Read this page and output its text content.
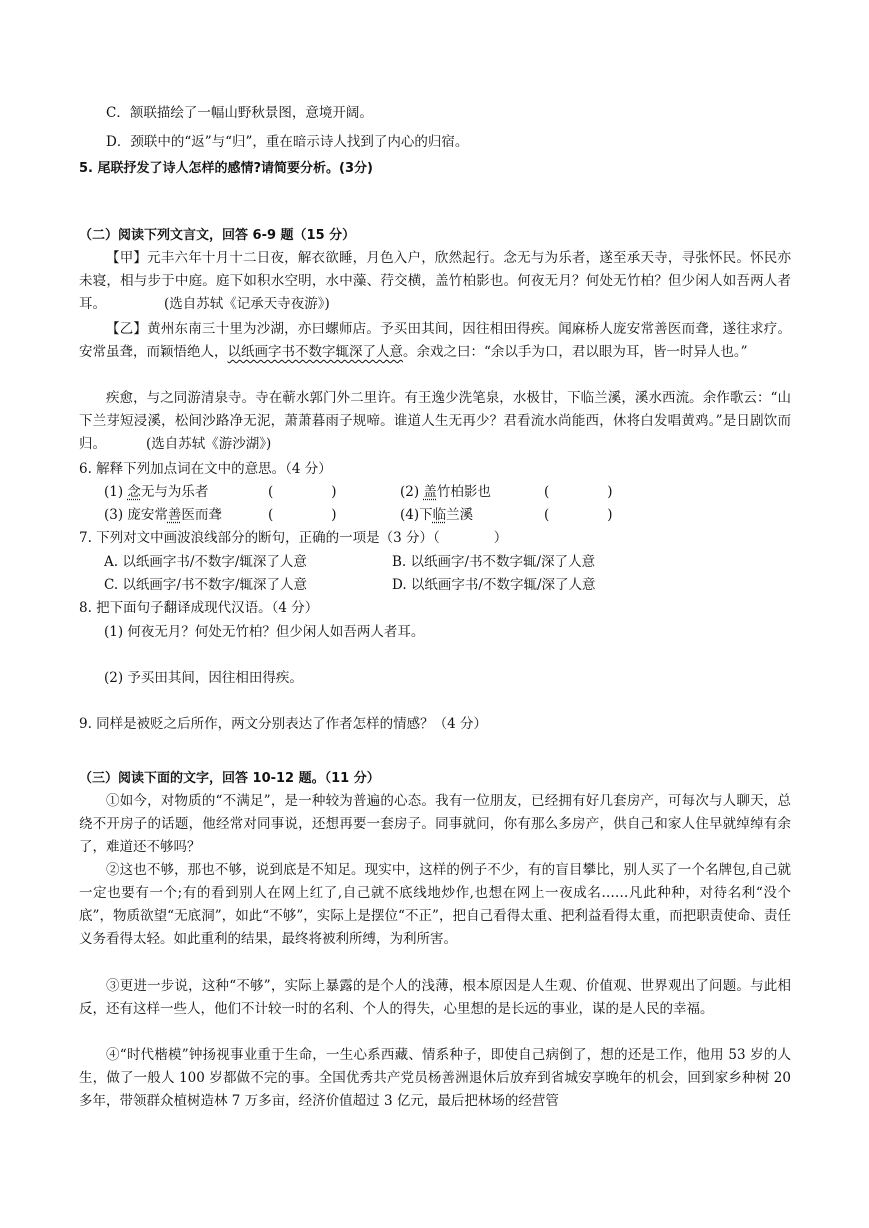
C．颔联描绘了一幅山野秋景图，意境开阔。
D．颈联中的“返”与“归”，重在暗示诗人找到了内心的归宿。
5. 尾联抒发了诗人怎样的感情?请简要分析。(3分)
（二）阅读下列文言文，回答 6-9 题（15 分）
【甲】元丰六年十月十二日夜，解衣欲睡，月色入户，欣然起行。念无与为乐者，遂至承天寺，寻张怀民。怀民亦未寝，相与步于中庭。庭下如积水空明，水中藻、荇交横，盖竹柏影也。何夜无月？何处无竹柏？但少闲人如吾两人者耳。	(选自苏轼《记承天寺夜游》)
【乙】黄州东南三十里为沙湖，亦曰螺师店。予买田其间，因往相田得疾。闻麻桥人庞安常善医而聋，遂往求疗。安常虽聋，而颖悟绝人，以纸画字书不数字辄深了人意。余戏之曰：“余以手为口，君以眼为耳，皆一时异人也。”
疾愈，与之同游清泉寺。寺在蕲水郭门外二里许。有王逸少洗笔泉，水极甘，下临兰溪，溪水西流。余作歌云：“山下兰芽短浸溪，松间沙路净无泥，萧萧暮雨子规啼。谁道人生无再少？君看流水尚能西，休将白发唱黄鸡。”是日剧饮而归。	(选自苏轼《游沙湖》)
6. 解释下列加点词在文中的意思。（4 分）
(1) 念无与为乐者	(	)	(2) 盖竹柏影也	(	)
(3) 庞安常善医而聋	(	)	(4)下临兰溪	(	)
7. 下列对文中画波浪线部分的断句，正确的一项是（3 分）（　　　　）
A. 以纸画字书/不数字/辄深了人意	B. 以纸画字/书不数字辄/深了人意
C. 以纸画字/书不数字/辄深了人意	D. 以纸画字书/不数字辄/深了人意
8. 把下面句子翻译成现代汉语。（4 分）
(1) 何夜无月？何处无竹柏？但少闲人如吾两人者耳。
(2) 予买田其间，因往相田得疾。
9. 同样是被贬之后所作，两文分别表达了作者怎样的情感？（4 分）
（三）阅读下面的文字，回答 10-12 题。（11 分）
①如今，对物质的“不满足”，是一种较为普遍的心态。我有一位朋友，已经拥有好几套房产，可每次与人聊天，总绕不开房子的话题，他经常对同事说，还想再要一套房子。同事就问，你有那么多房产，供自己和家人住早就绰绰有余了，难道还不够吗？
②这也不够，那也不够，说到底是不知足。现实中，这样的例子不少，有的盲目攀比，别人买了一个名牌包,自己就一定也要有一个;有的看到别人在网上红了,自己就不底线地炒作,也想在网上一夜成名……凡此种种，对待名利“没个底”，物质欲望“无底洞”，如此“不够”，实际上是摆位“不正”，把自己看得太重、把利益看得太重，而把职责使命、责任义务看得太轻。如此重利的结果，最终将被利所缚，为利所害。
③更进一步说，这种“不够”，实际上暴露的是个人的浅薄，根本原因是人生观、价值观、世界观出了问题。与此相反，还有这样一些人，他们不计较一时的名利、个人的得失，心里想的是长远的事业，谋的是人民的幸福。
④“时代楷模”钟扬视事业重于生命，一生心系西藏、情系种子，即使自己病倒了，想的还是工作，他用 53 岁的人生，做了一般人 100 岁都做不完的事。全国优秀共产党员杨善洲退休后放弃到省城安享晚年的机会，回到家乡种树 20 多年，带领群众植树造林 7 万多亩，经济价值超过 3 亿元，最后把林场的经营管
